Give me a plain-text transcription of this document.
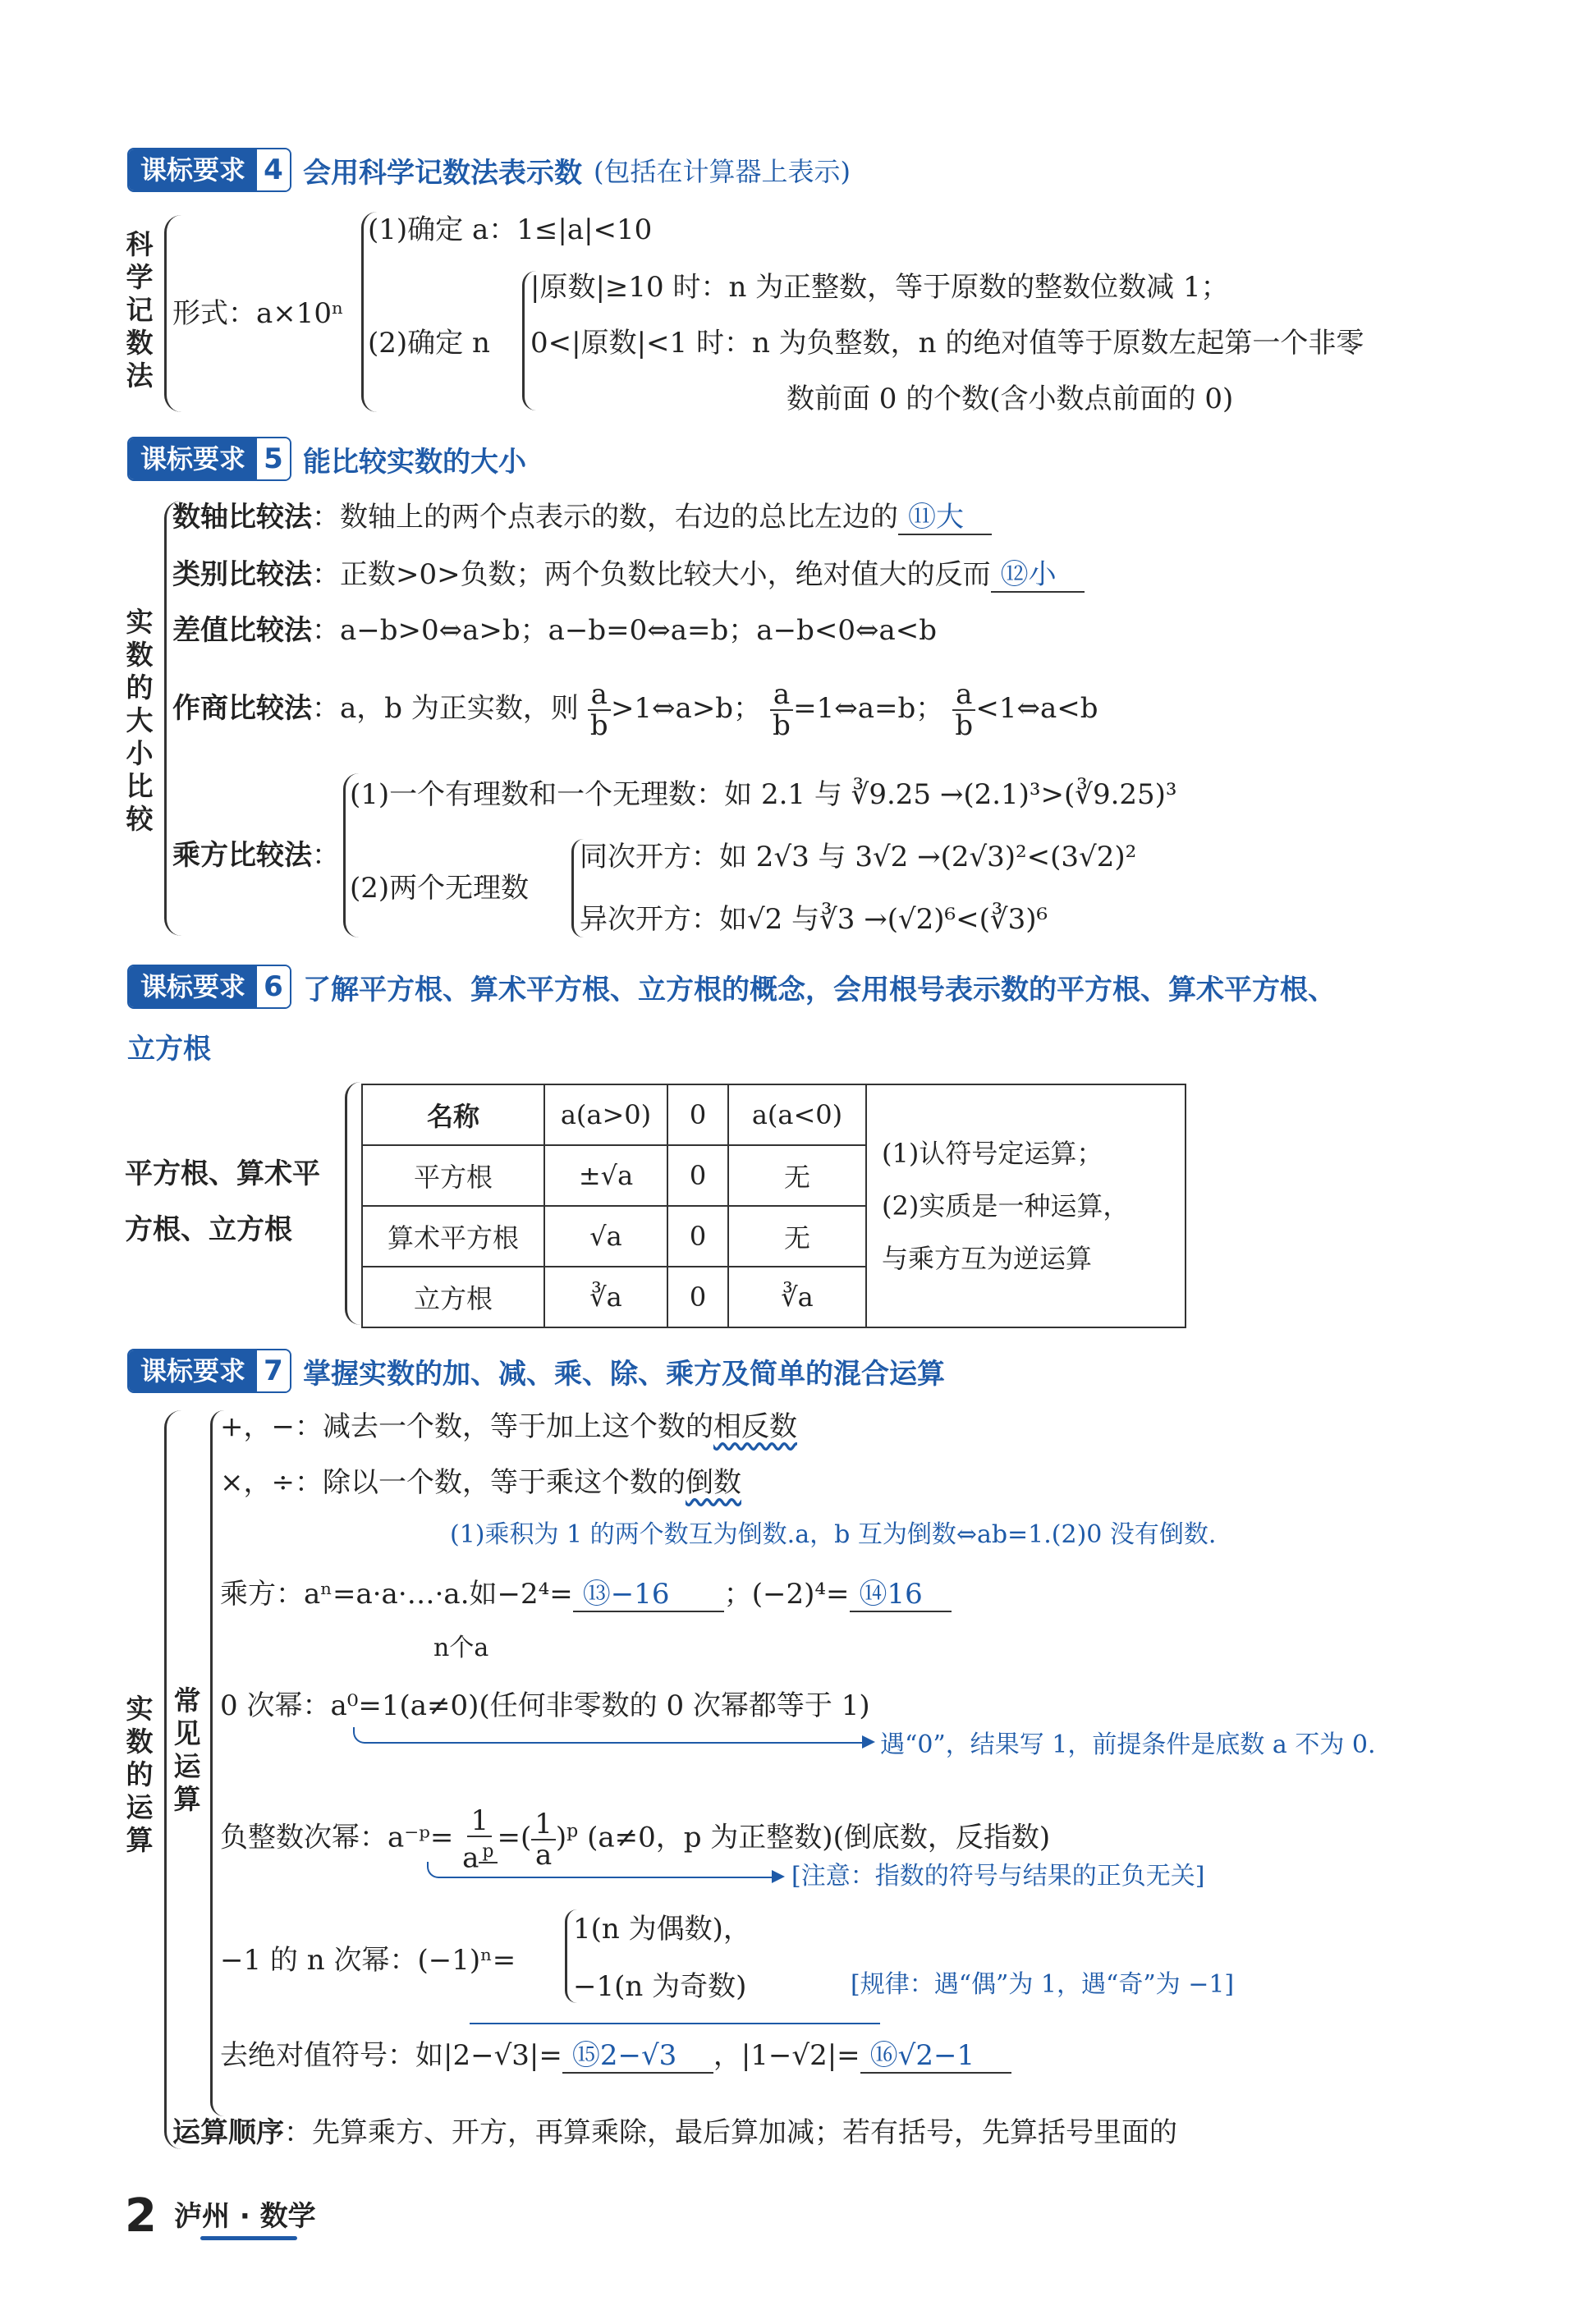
课标要求 4 会用科学记数法表示数 (包括在计算器上表示)
科
学
记
数
法
形式：a×10ⁿ
(1)确定 a：1≤|a|<10
(2)确定 n
|原数|≥10 时：n 为正整数，等于原数的整数位数减 1；
0<|原数|<1 时：n 为负整数，n 的绝对值等于原数左起第一个非零
数前面 0 的个数(含小数点前面的 0)
课标要求 5 能比较实数的大小
实
数
的
大
小
比
较
数轴比较法：数轴上的两个点表示的数，右边的总比左边的 ⑪大
类别比较法：正数>0>负数；两个负数比较大小，绝对值大的反而 ⑫小
差值比较法：a−b>0⇔a>b；a−b=0⇔a=b；a−b<0⇔a<b
作商比较法：a，b 为正实数，则 $\frac{a}{b}$ >1⇔a>b； $\frac{a}{b}$ =1⇔a=b； $\frac{a}{b}$ <1⇔a<b
乘方比较法：
(1)一个有理数和一个无理数：如 2.1 与 ∛9.25 →(2.1)³>(∛9.25)³
(2)两个无理数
同次开方：如 2√3 与 3√2 →(2√3)²<(3√2)²
异次开方：如√2 与∛3 →(√2)⁶<(∛3)⁶
课标要求 6 了解平方根、算术平方根、立方根的概念，会用根号表示数的平方根、算术平方根、
立方根
平方根、算术平
方根、立方根
名称	a(a>0)	0	a(a<0)	(1)认符号定运算；
(2)实质是一种运算，
与乘方互为逆运算

平方根	±√a	0	无	
算术平方根	√a	0	无	
立方根	∛a	0	∛a	
课标要求 7 掌握实数的加、减、乘、除、乘方及简单的混合运算
实
数
的
运
算
常
见
运
算
+，−：减去一个数，等于加上这个数的相反数
×，÷：除以一个数，等于乘这个数的倒数
(1)乘积为 1 的两个数互为倒数.a，b 互为倒数⇔ab=1.(2)0 没有倒数.
乘方：aⁿ=a·a·…·a.如−2⁴= ⑬−16 ；(−2)⁴= ⑭16
n个a
0 次幂：a⁰=1(a≠0)(任何非零数的 0 次幂都等于 1)
遇“0”，结果写 1，前提条件是底数 a 不为 0.
负整数次幂：a⁻ᵖ= $\frac{1}{a ^p}$ =( $\frac{1}{a} )^p$ (a≠0，p 为正整数)(倒底数，反指数)
[注意：指数的符号与结果的正负无关]
−1 的 n 次幂：(−1)ⁿ=
1(n 为偶数)，
−1(n 为奇数)	[规律：遇“偶”为 1，遇“奇”为 −1]
去绝对值符号：如|2−√3|= ⑮2−√3 ，|1−√2|= ⑯√2−1
运算顺序：先算乘方、开方，再算乘除，最后算加减；若有括号，先算括号里面的
2 泸州 · 数学
